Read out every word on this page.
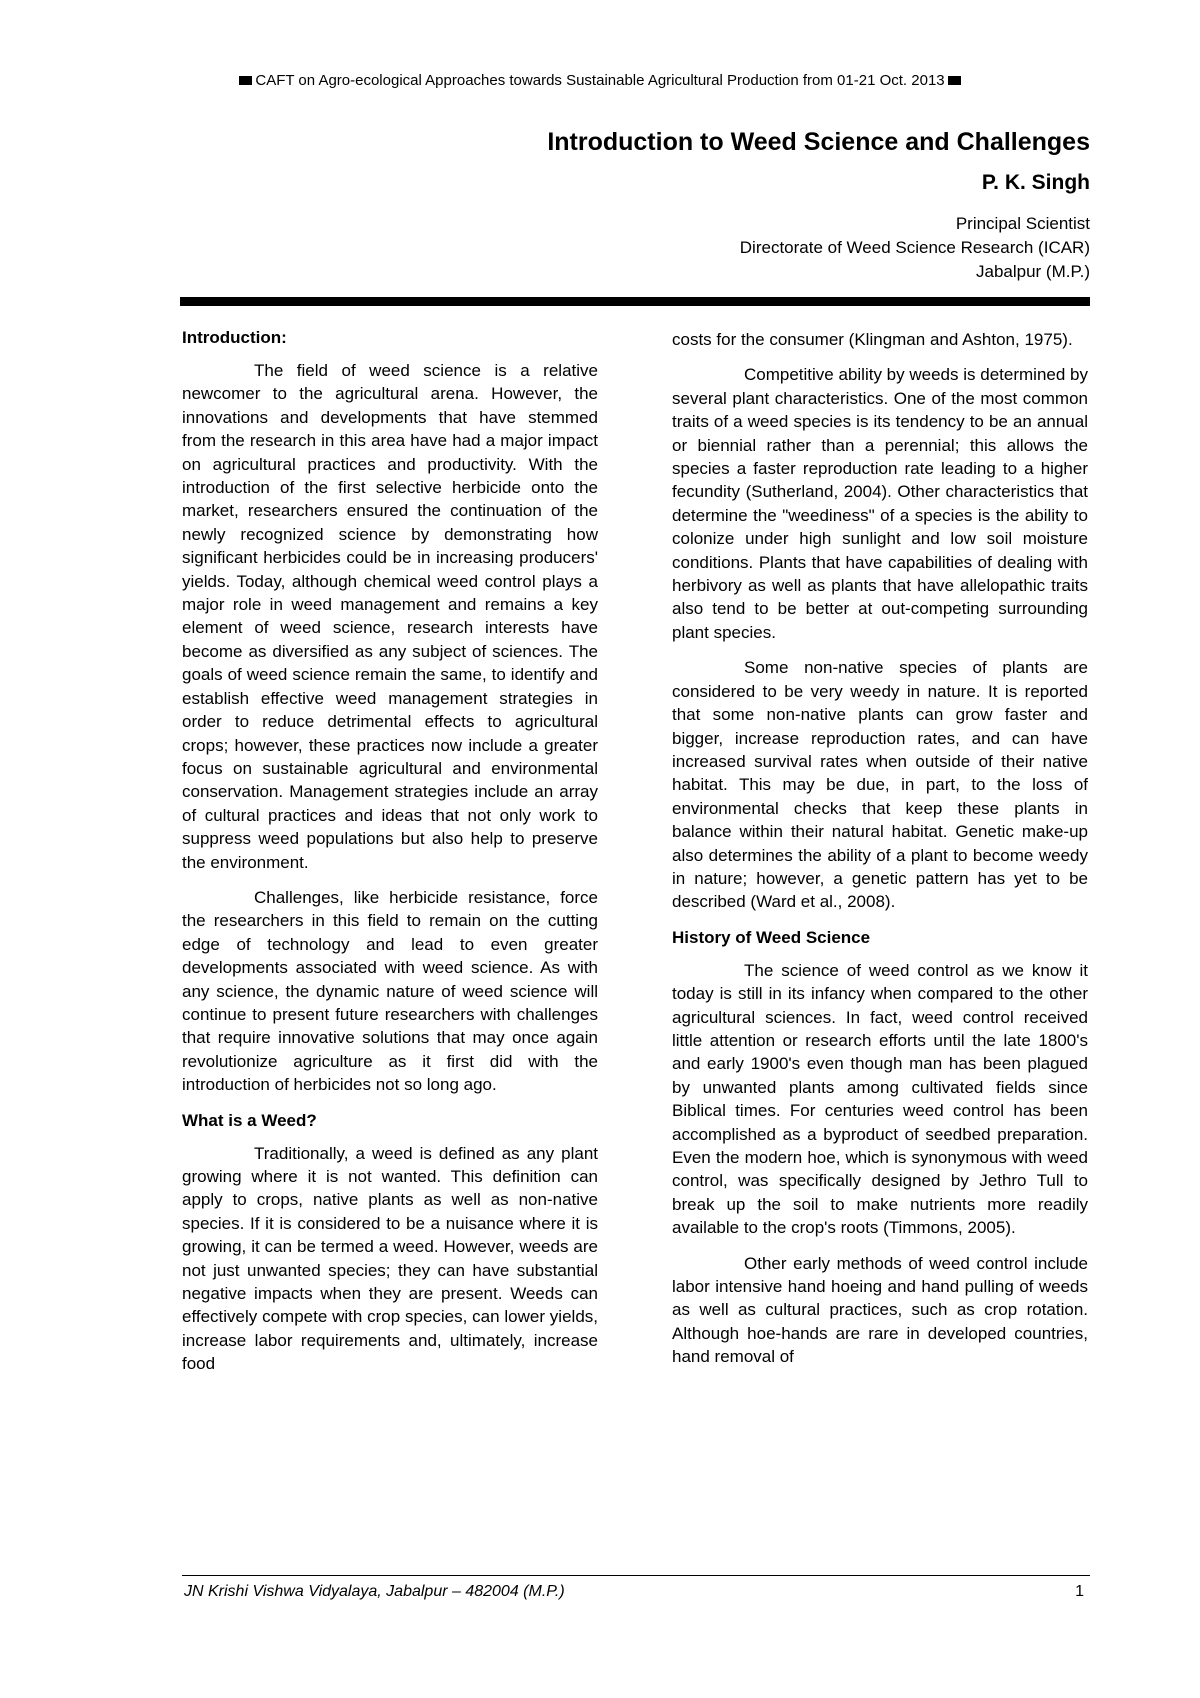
CAFT on Agro-ecological Approaches towards Sustainable Agricultural Production from 01-21 Oct. 2013
Introduction to Weed Science and Challenges
P. K. Singh
Principal Scientist
Directorate of Weed Science Research (ICAR)
Jabalpur (M.P.)
Introduction:

The field of weed science is a relative newcomer to the agricultural arena. However, the innovations and developments that have stemmed from the research in this area have had a major impact on agricultural practices and productivity. With the introduction of the first selective herbicide onto the market, researchers ensured the continuation of the newly recognized science by demonstrating how significant herbicides could be in increasing producers' yields. Today, although chemical weed control plays a major role in weed management and remains a key element of weed science, research interests have become as diversified as any subject of sciences. The goals of weed science remain the same, to identify and establish effective weed management strategies in order to reduce detrimental effects to agricultural crops; however, these practices now include a greater focus on sustainable agricultural and environmental conservation. Management strategies include an array of cultural practices and ideas that not only work to suppress weed populations but also help to preserve the environment.

Challenges, like herbicide resistance, force the researchers in this field to remain on the cutting edge of technology and lead to even greater developments associated with weed science. As with any science, the dynamic nature of weed science will continue to present future researchers with challenges that require innovative solutions that may once again revolutionize agriculture as it first did with the introduction of herbicides not so long ago.

What is a Weed?

Traditionally, a weed is defined as any plant growing where it is not wanted. This definition can apply to crops, native plants as well as non-native species. If it is considered to be a nuisance where it is growing, it can be termed a weed. However, weeds are not just unwanted species; they can have substantial negative impacts when they are present. Weeds can effectively compete with crop species, can lower yields, increase labor requirements and, ultimately, increase food

costs for the consumer (Klingman and Ashton, 1975).

Competitive ability by weeds is determined by several plant characteristics. One of the most common traits of a weed species is its tendency to be an annual or biennial rather than a perennial; this allows the species a faster reproduction rate leading to a higher fecundity (Sutherland, 2004). Other characteristics that determine the "weediness" of a species is the ability to colonize under high sunlight and low soil moisture conditions. Plants that have capabilities of dealing with herbivory as well as plants that have allelopathic traits also tend to be better at out-competing surrounding plant species.

Some non-native species of plants are considered to be very weedy in nature. It is reported that some non-native plants can grow faster and bigger, increase reproduction rates, and can have increased survival rates when outside of their native habitat. This may be due, in part, to the loss of environmental checks that keep these plants in balance within their natural habitat. Genetic make-up also determines the ability of a plant to become weedy in nature; however, a genetic pattern has yet to be described (Ward et al., 2008).

History of Weed Science

The science of weed control as we know it today is still in its infancy when compared to the other agricultural sciences. In fact, weed control received little attention or research efforts until the late 1800's and early 1900's even though man has been plagued by unwanted plants among cultivated fields since Biblical times. For centuries weed control has been accomplished as a byproduct of seedbed preparation. Even the modern hoe, which is synonymous with weed control, was specifically designed by Jethro Tull to break up the soil to make nutrients more readily available to the crop's roots (Timmons, 2005).

Other early methods of weed control include labor intensive hand hoeing and hand pulling of weeds as well as cultural practices, such as crop rotation. Although hoe-hands are rare in developed countries, hand removal of

JN Krishi Vishwa Vidyalaya, Jabalpur – 482004 (M.P.)	1
